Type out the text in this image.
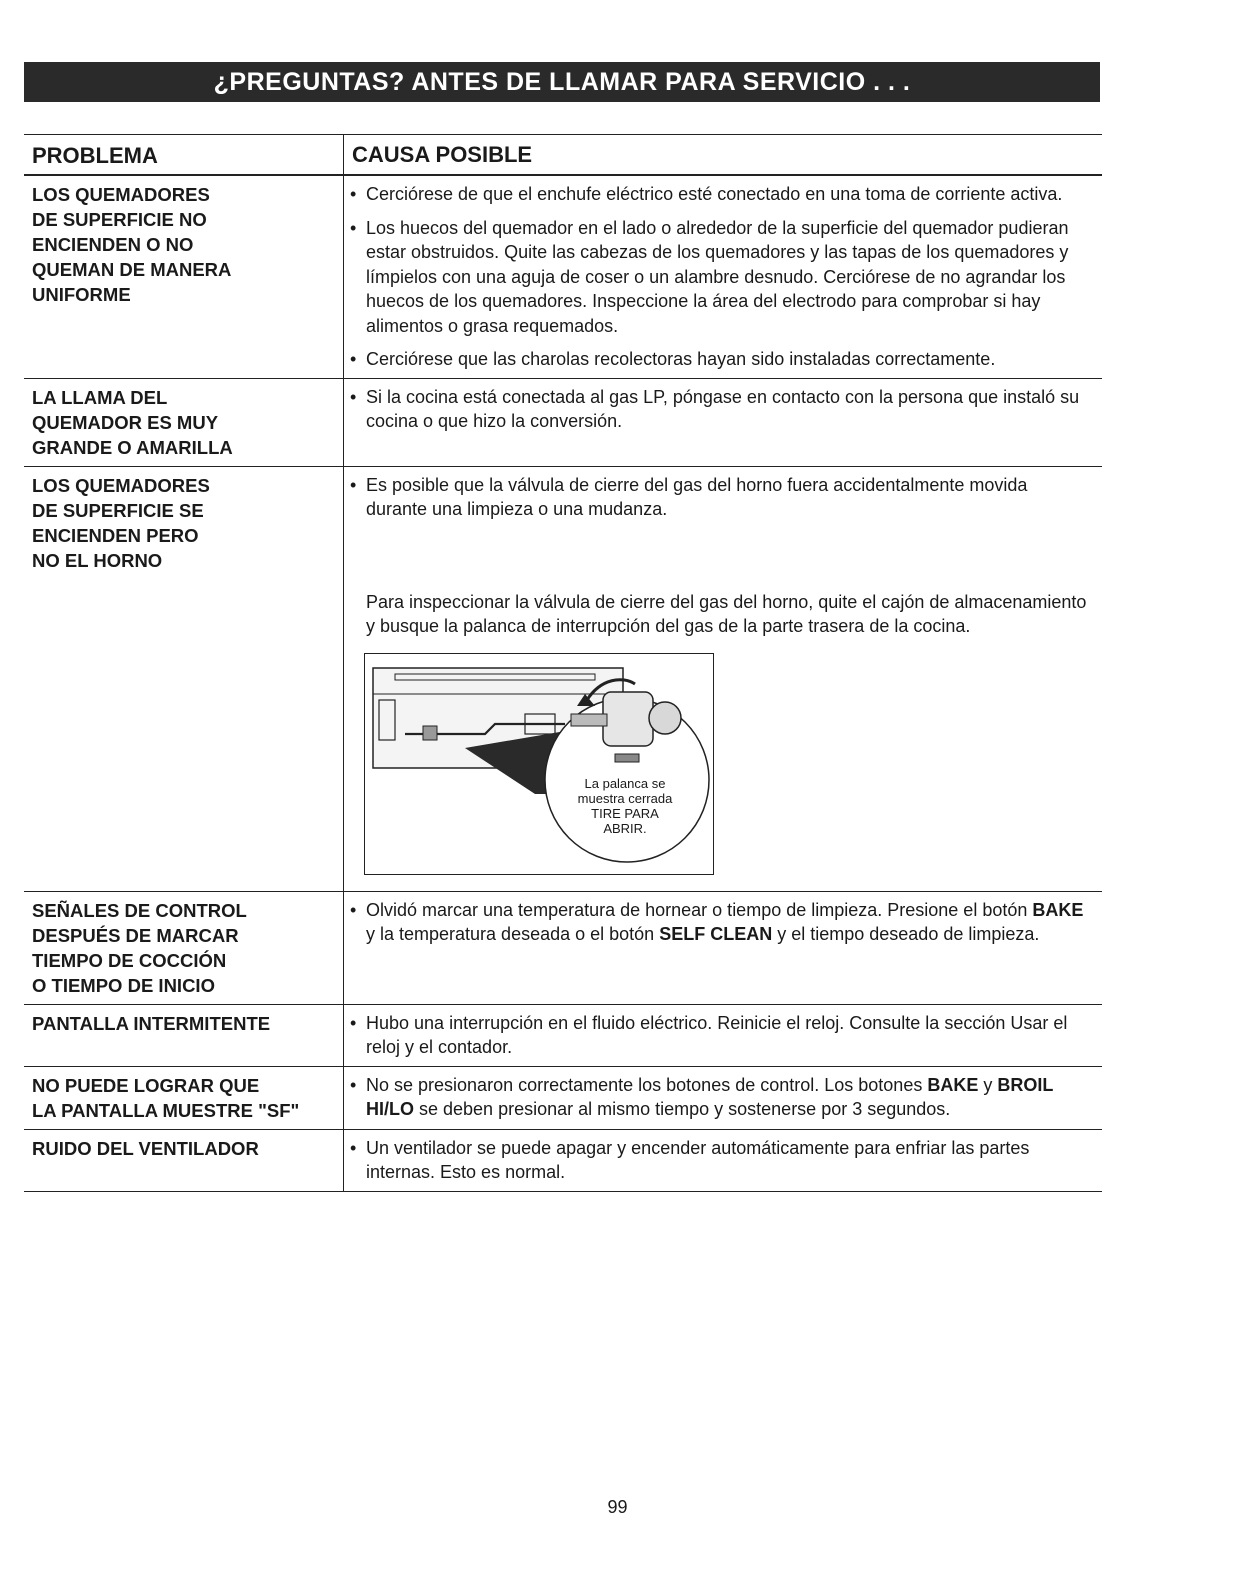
¿PREGUNTAS? ANTES DE LLAMAR PARA SERVICIO . . .
PROBLEMA	CAUSA POSIBLE
LOS QUEMADORES
DE SUPERFICIE NO
ENCIENDEN O NO
QUEMAN DE MANERA
UNIFORME
• Cerciórese de que el enchufe eléctrico esté conectado en una toma de corriente activa.
• Los huecos del quemador en el lado o alrededor de la superficie del quemador pudieran estar obstruidos. Quite las cabezas de los quemadores y las tapas de los quemadores y límpielos con una aguja de coser o un alambre desnudo. Cerciórese de no agrandar los huecos de los quemadores. Inspeccione la área del electrodo para comprobar si hay alimentos o grasa requemados.
• Cerciórese que las charolas recolectoras hayan sido instaladas correctamente.
LA LLAMA DEL
QUEMADOR ES MUY
GRANDE O AMARILLA
• Si la cocina está conectada al gas LP, póngase en contacto con la persona que instaló su cocina o que hizo la conversión.
LOS QUEMADORES
DE SUPERFICIE SE
ENCIENDEN PERO
NO EL HORNO
• Es posible que la válvula de cierre del gas del horno fuera accidentalmente movida durante una limpieza o una mudanza.
Para inspeccionar la válvula de cierre del gas del horno, quite el cajón de almacenamiento y busque la palanca de interrupción del gas de la parte trasera de la cocina.
La palanca se
muestra cerrada
TIRE PARA
ABRIR.
SEÑALES DE CONTROL
DESPUÉS DE MARCAR
TIEMPO DE COCCIÓN
O TIEMPO DE INICIO
• Olvidó marcar una temperatura de hornear o tiempo de limpieza. Presione el botón BAKE y la temperatura deseada o el botón SELF CLEAN y el tiempo deseado de limpieza.
PANTALLA INTERMITENTE	• Hubo una interrupción en el fluido eléctrico. Reinicie el reloj. Consulte la sección Usar el reloj y el contador.
NO PUEDE LOGRAR QUE
LA PANTALLA MUESTRE "SF"
• No se presionaron correctamente los botones de control. Los botones BAKE y BROIL HI/LO se deben presionar al mismo tiempo y sostenerse por 3 segundos.
RUIDO DEL VENTILADOR	• Un ventilador se puede apagar y encender automáticamente para enfriar las partes internas. Esto es normal.
99
